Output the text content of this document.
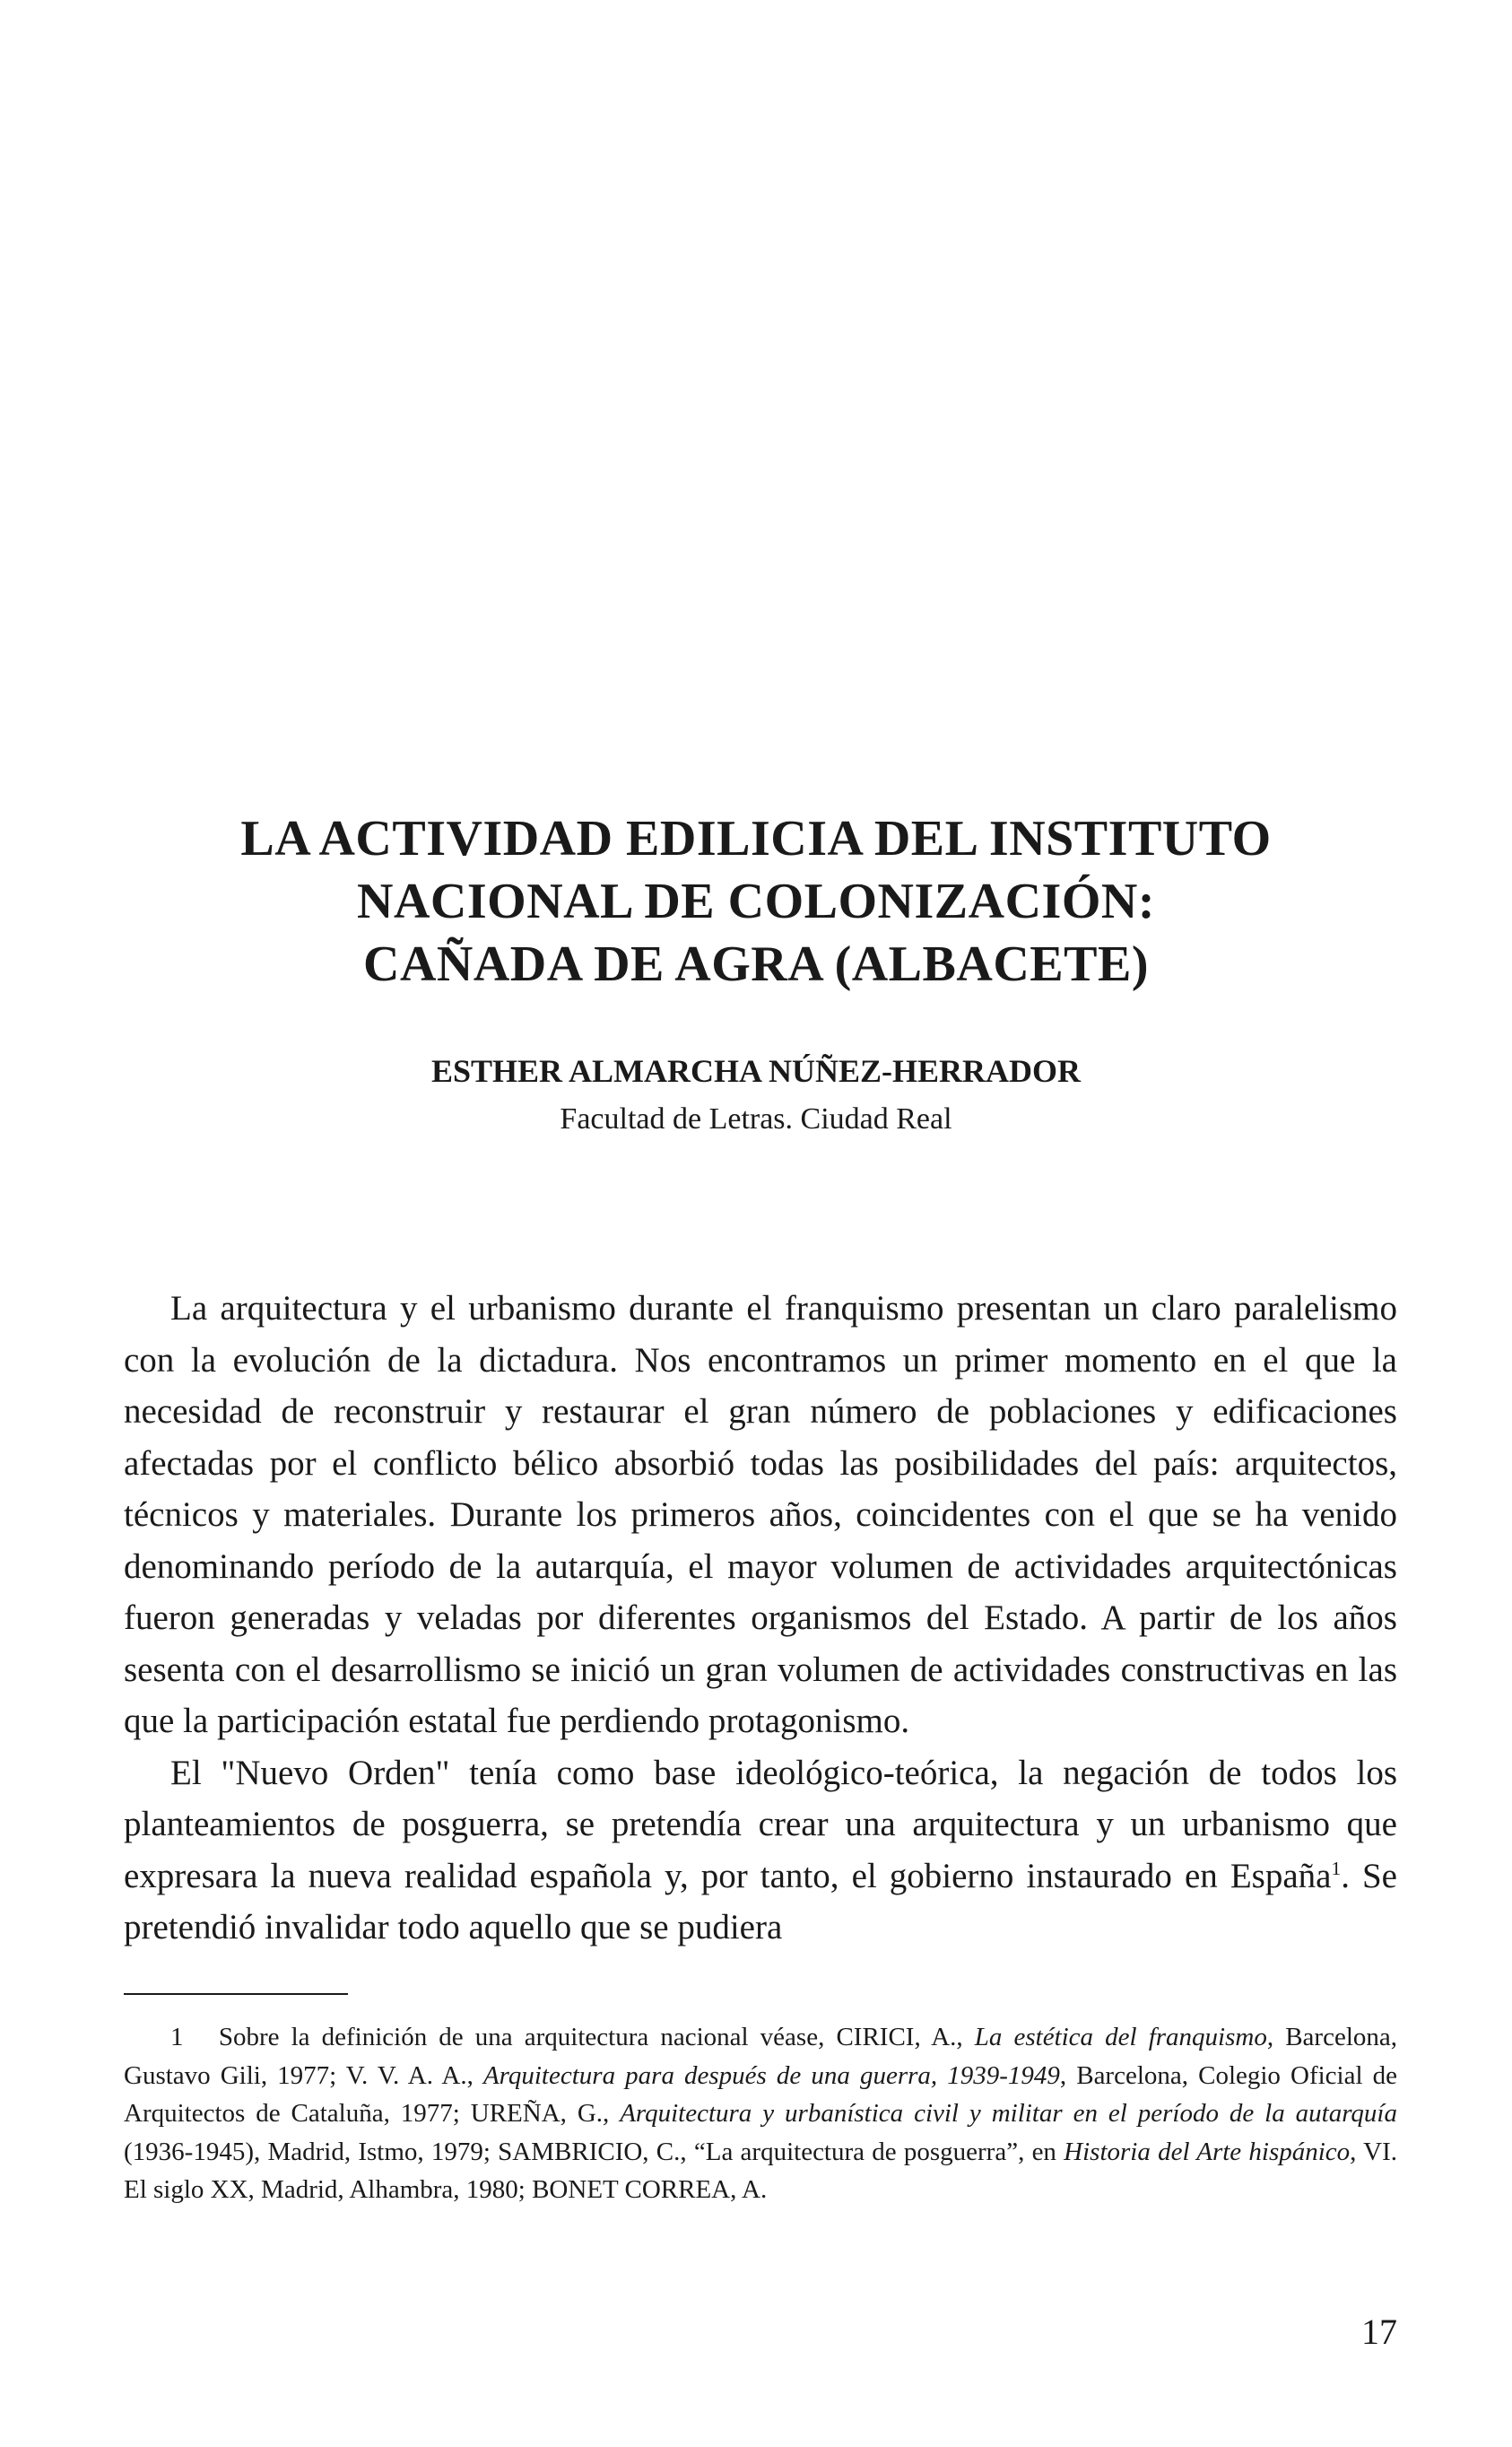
LA ACTIVIDAD EDILICIA DEL INSTITUTO
NACIONAL DE COLONIZACIÓN:
CAÑADA DE AGRA (ALBACETE)

ESTHER ALMARCHA NÚÑEZ-HERRADOR

Facultad de Letras. Ciudad Real

La arquitectura y el urbanismo durante el franquismo presentan un claro paralelismo con la evolución de la dictadura. Nos encontramos un primer momento en el que la necesidad de reconstruir y restaurar el gran número de poblaciones y edificaciones afectadas por el conflicto bélico absorbió todas las posibilidades del país: arquitectos, técnicos y materiales. Durante los primeros años, coincidentes con el que se ha venido denominando período de la autarquía, el mayor volumen de actividades arquitectónicas fueron generadas y veladas por diferentes organismos del Estado. A partir de los años sesenta con el desarrollismo se inició un gran volumen de actividades constructivas en las que la participación estatal fue perdiendo protagonismo.

El "Nuevo Orden" tenía como base ideológico-teórica, la negación de todos los planteamientos de posguerra, se pretendía crear una arquitectura y un urbanismo que expresara la nueva realidad española y, por tanto, el gobierno instaurado en España$^1$. Se pretendió invalidar todo aquello que se pudiera

1 Sobre la definición de una arquitectura nacional véase, CIRICI, A., La estética del franquismo, Barcelona, Gustavo Gili, 1977; V. V. A. A., Arquitectura para después de una guerra, 1939-1949, Barcelona, Colegio Oficial de Arquitectos de Cataluña, 1977; UREÑA, G., Arquitectura y urbanística civil y militar en el período de la autarquía (1936-1945), Madrid, Istmo, 1979; SAMBRICIO, C., “La arquitectura de posguerra”, en Historia del Arte hispánico, VI. El siglo XX, Madrid, Alhambra, 1980; BONET CORREA, A.

17
